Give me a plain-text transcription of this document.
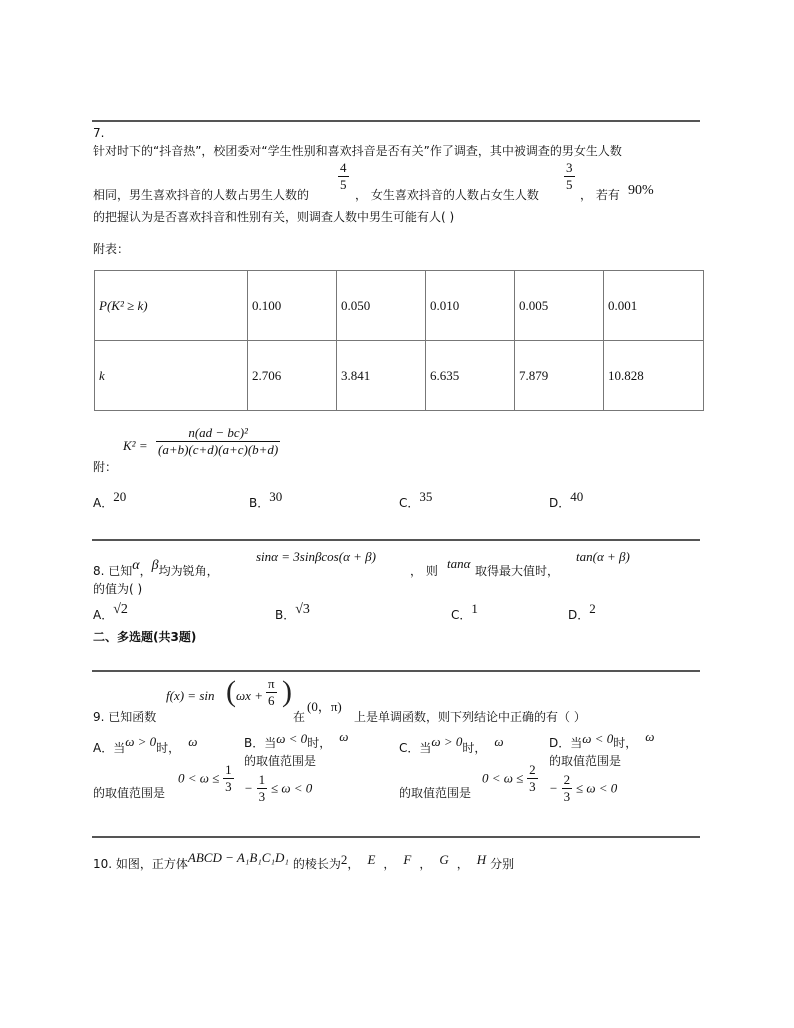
7.
针对时下的“抖音热”，校团委对“学生性别和喜欢抖音是否有关”作了调查，其中被调查的男女生人数
相同，男生喜欢抖音的人数占男生人数的
$\frac{4}{5}$
， 女生喜欢抖音的人数占女生人数
$\frac{3}{5}$
， 若有 90%
的把握认为是否喜欢抖音和性别有关，则调查人数中男生可能有人( )
附表：
P(K² ≥ k)	0.100	0.050	0.010	0.005	0.001
k	2.706	3.841	6.635	7.879	10.828
附：
$K^2 = \frac{\text{n(ad − bc)²}}{(a+b)(c+d)(a+c)(b+d)}$
A．20	B．30	C．35	D．40
8. 已知α，β均为锐角，
sinα = 3sinβcos(α + β)
， 则 tanα 取得最大值时，
tan(α + β)
的值为( )
A．√2	B．√3	C．1	D．2
二、多选题(共3题)
9. 已知函数
f(x) = sin ( $\omega x + \frac{\pi}{6}$ )
在
(0，π)
上是单调函数，则下列结论中正确的有（ ）
A．当ω > 0时， ω
$0 < \omega \le \frac{1}{3}$
的取值范围是
B．当ω < 0时， ω
的取值范围是
− $\frac{1}{3} \le \omega < 0$
C．当ω > 0时， ω
$0 < \omega \le \frac{2}{3}$
的取值范围是
D．当ω < 0时， ω
的取值范围是
− $\frac{2}{3} \le \omega < 0$
10. 如图，正方体ABCD − A₁B₁C₁D₁ 的棱长为2， E ， F ， G ， H 分别
